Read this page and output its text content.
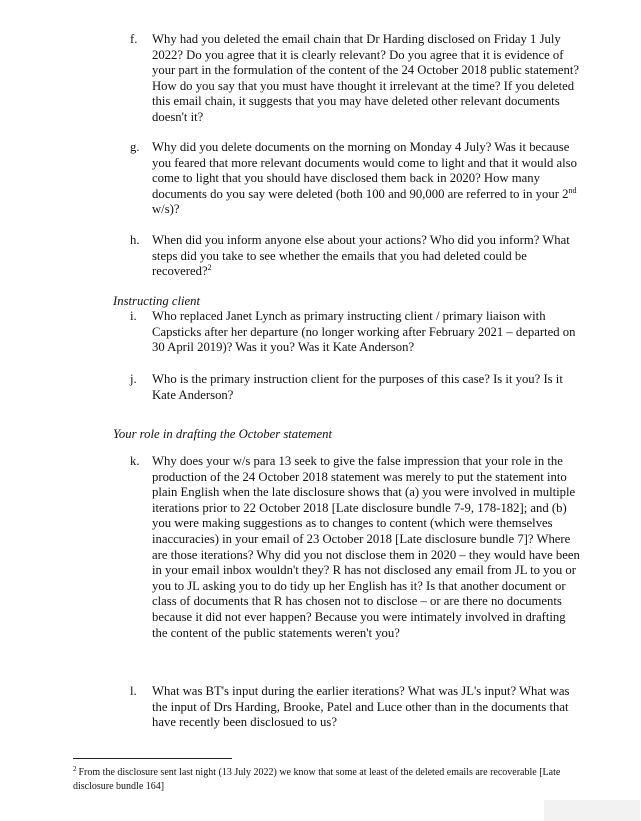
f. Why had you deleted the email chain that Dr Harding disclosed on Friday 1 July 2022? Do you agree that it is clearly relevant? Do you agree that it is evidence of your part in the formulation of the content of the 24 October 2018 public statement? How do you say that you must have thought it irrelevant at the time? If you deleted this email chain, it suggests that you may have deleted other relevant documents doesn't it?
g. Why did you delete documents on the morning on Monday 4 July? Was it because you feared that more relevant documents would come to light and that it would also come to light that you should have disclosed them back in 2020? How many documents do you say were deleted (both 100 and 90,000 are referred to in your 2nd w/s)?
h. When did you inform anyone else about your actions? Who did you inform? What steps did you take to see whether the emails that you had deleted could be recovered?$^2$
Instructing client
i. Who replaced Janet Lynch as primary instructing client / primary liaison with Capsticks after her departure (no longer working after February 2021 – departed on 30 April 2019)? Was it you? Was it Kate Anderson?
j. Who is the primary instruction client for the purposes of this case? Is it you? Is it Kate Anderson?
Your role in drafting the October statement
k. Why does your w/s para 13 seek to give the false impression that your role in the production of the 24 October 2018 statement was merely to put the statement into plain English when the late disclosure shows that (a) you were involved in multiple iterations prior to 22 October 2018 [Late disclosure bundle 7-9, 178-182]; and (b) you were making suggestions as to changes to content (which were themselves inaccuracies) in your email of 23 October 2018 [Late disclosure bundle 7]? Where are those iterations? Why did you not disclose them in 2020 – they would have been in your email inbox wouldn't they? R has not disclosed any email from JL to you or you to JL asking you to do tidy up her English has it? Is that another document or class of documents that R has chosen not to disclose – or are there no documents because it did not ever happen? Because you were intimately involved in drafting the content of the public statements weren't you?
l. What was BT's input during the earlier iterations? What was JL's input? What was the input of Drs Harding, Brooke, Patel and Luce other than in the documents that have recently been disclosued to us?
$^2$ From the disclosure sent last night (13 July 2022) we know that some at least of the deleted emails are recoverable [Late disclosure bundle 164]
